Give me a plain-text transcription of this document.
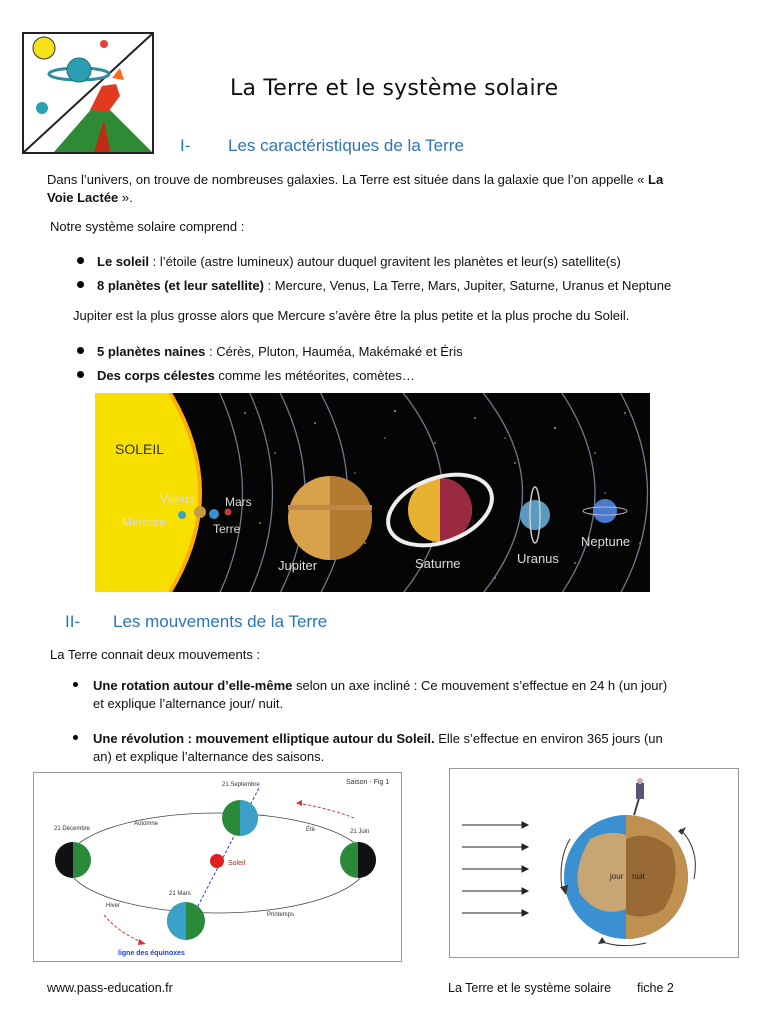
La Terre et le système solaire
I- Les caractéristiques de la Terre
Dans l’univers, on trouve de nombreuses galaxies. La Terre est située dans la galaxie que l’on appelle « La
Voie Lactée ».
Notre système solaire comprend :
Le soleil : l’étoile (astre lumineux) autour duquel gravitent les planètes et leur(s) satellite(s)
8 planètes (et leur satellite) : Mercure, Venus, La Terre, Mars, Jupiter, Saturne, Uranus et Neptune
Jupiter est la plus grosse alors que Mercure s’avère être la plus petite et la plus proche du Soleil.
5 planètes naines : Cérès, Pluton, Hauméa, Makémaké et Éris
Des corps célestes comme les météorites, comètes…
SOLEIL
Vénus	Mars
Mercure	Terre
Jupiter	Saturne	Uranus
Neptune
II- Les mouvements de la Terre
La Terre connait deux mouvements :
Une rotation autour d’elle-même selon un axe incliné : Ce mouvement s’effectue en 24 h (un jour)
et explique l’alternance jour/ nuit.
Une révolution : mouvement elliptique autour du Soleil. Elle s’effectue en environ 365 jours (un
an) et explique l’alternance des saisons.
Saison - Fig 1
Soleil
21 Septembre
21 Décembre	21 Juin
21 Mars
Automne
Été
Hiver
Printemps
ligne des équinoxes
jour nuit
www.pass-education.fr	La Terre et le système solaire fiche 2
